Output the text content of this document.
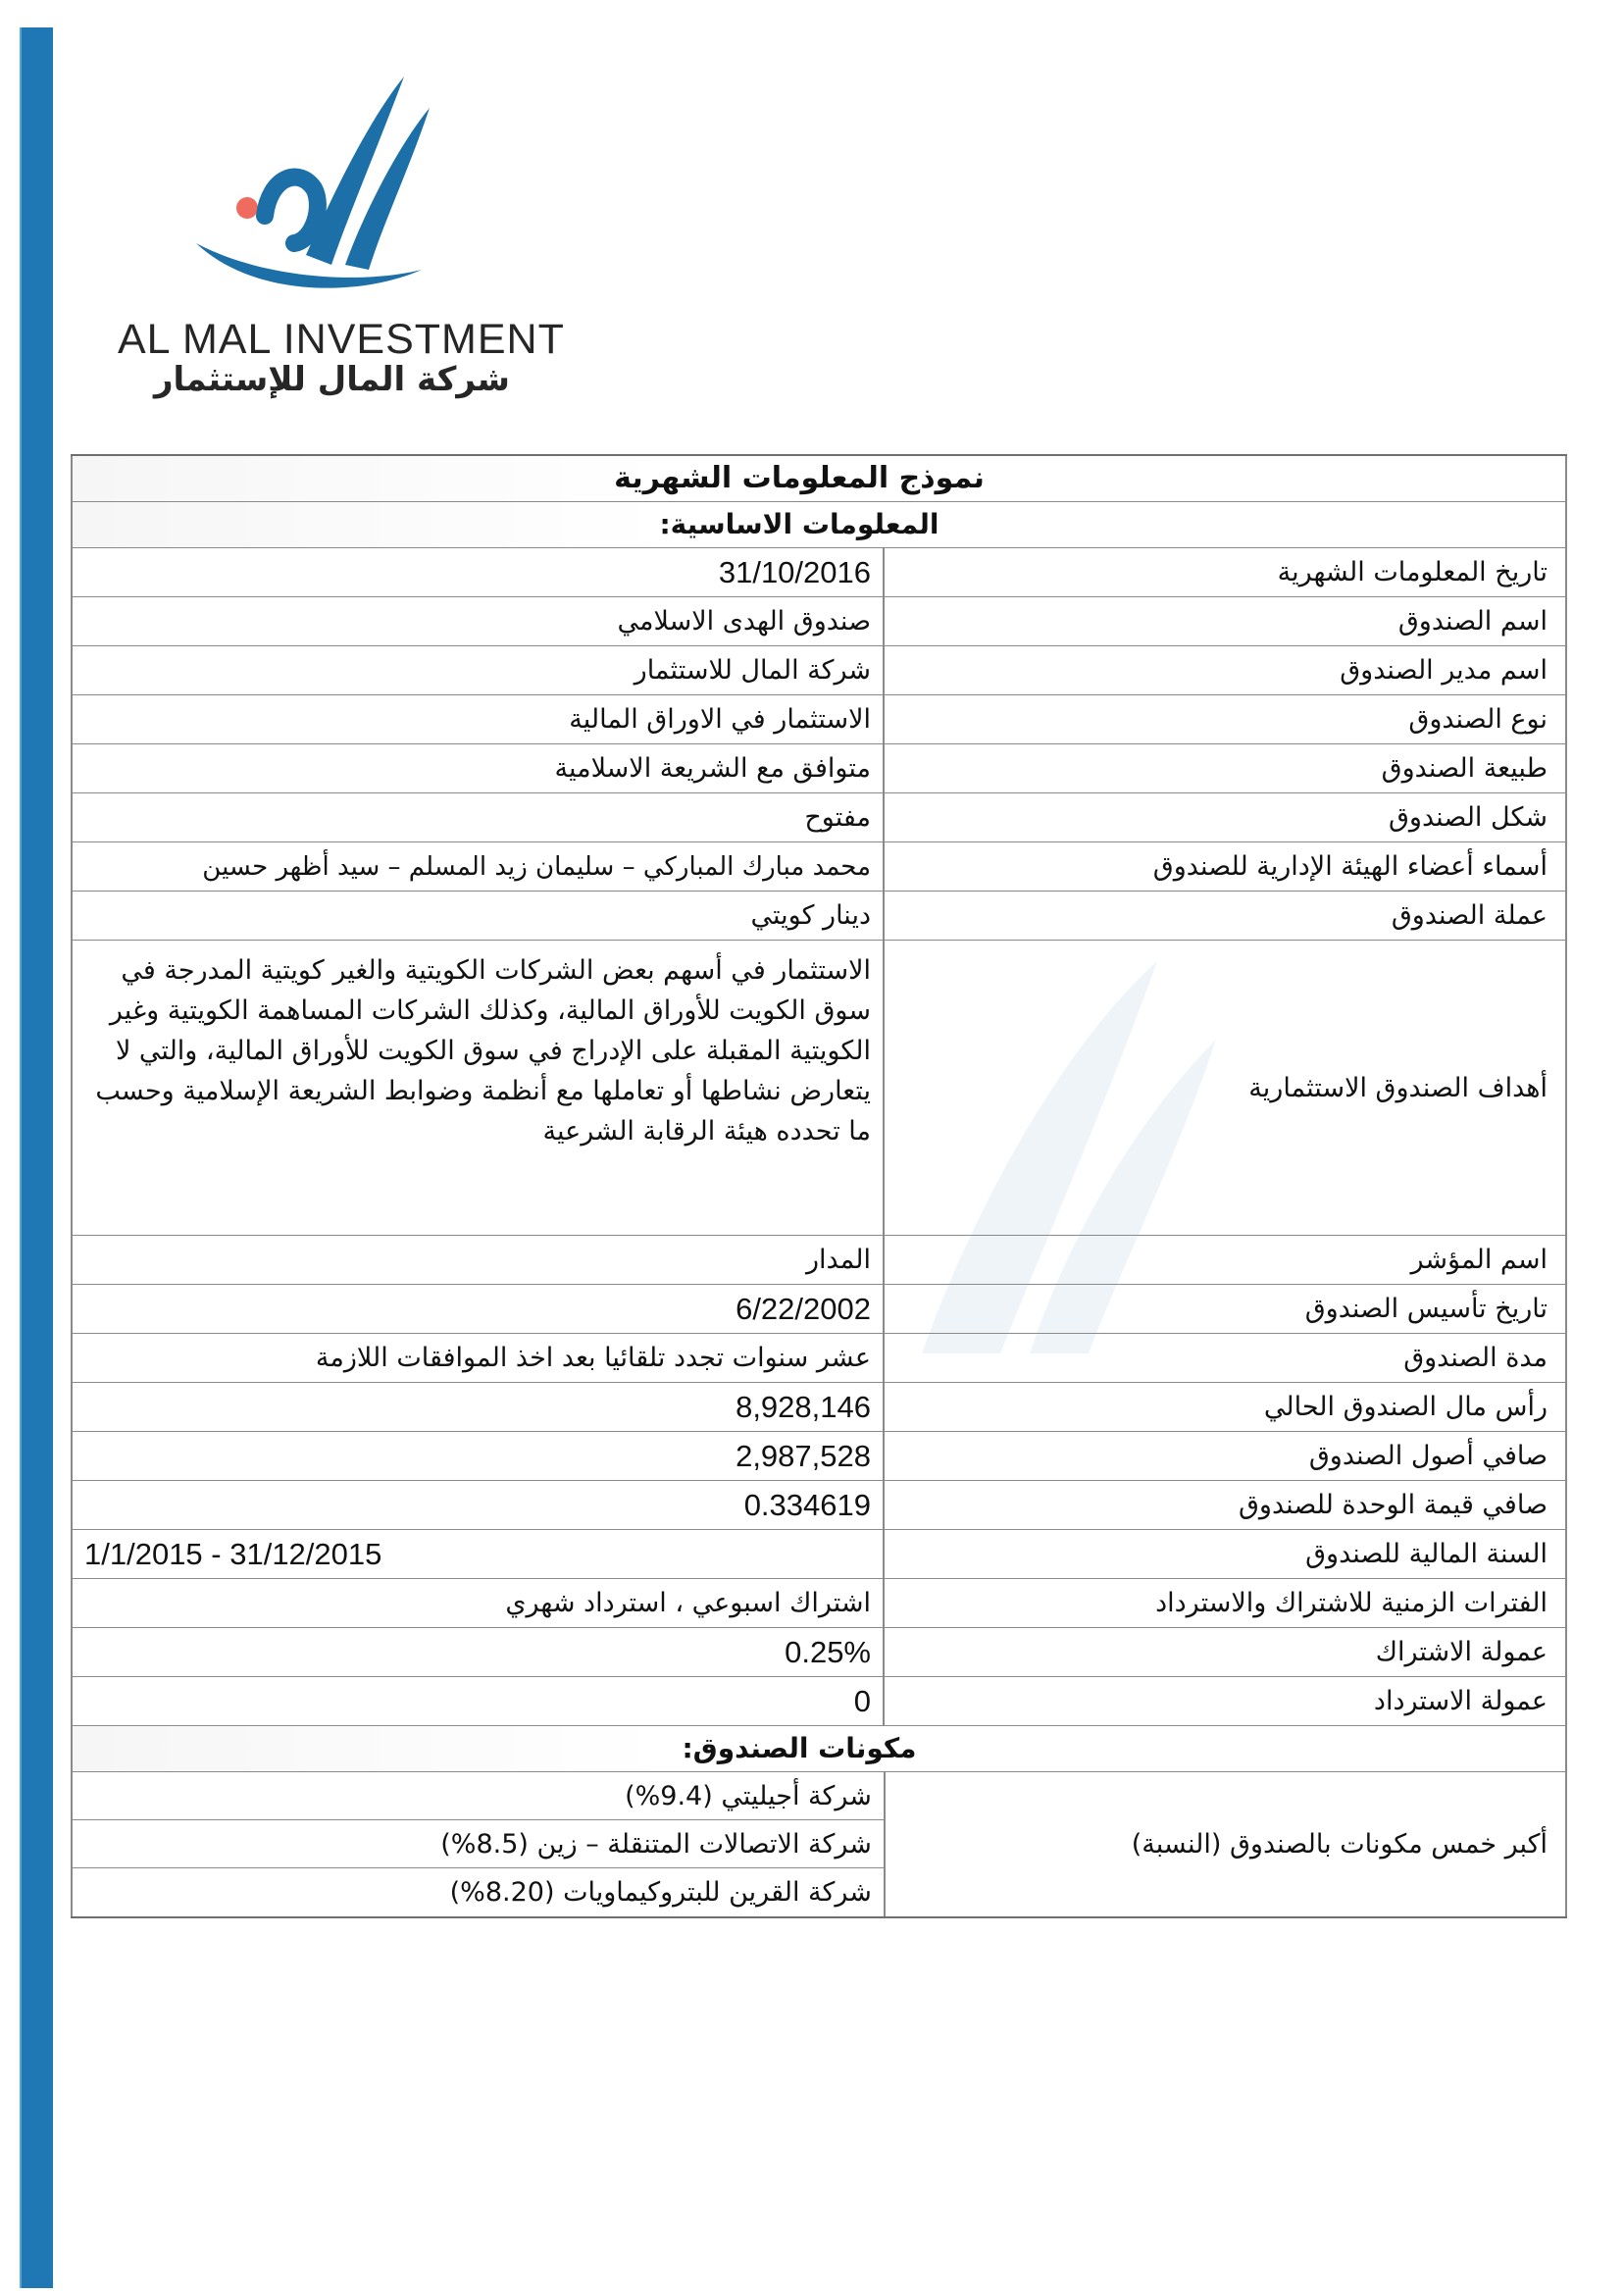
AL MAL INVESTMENT
شركة المال للإستثمار
نموذج المعلومات الشهرية
المعلومات الاساسية:
تاريخ المعلومات الشهرية
31/10/2016
اسم الصندوق
صندوق الهدى الاسلامي
اسم مدير الصندوق
شركة المال للاستثمار
نوع الصندوق
الاستثمار في الاوراق المالية
طبيعة الصندوق
متوافق مع الشريعة الاسلامية
شكل الصندوق
مفتوح
أسماء أعضاء الهيئة الإدارية للصندوق
محمد مبارك المباركي – سليمان زيد المسلم – سيد أظهر حسين
عملة الصندوق
دينار كويتي
أهداف الصندوق الاستثمارية
الاستثمار في أسهم بعض الشركات الكويتية والغير كويتية المدرجة في سوق الكويت للأوراق المالية، وكذلك الشركات المساهمة الكويتية وغير الكويتية المقبلة على الإدراج في سوق الكويت للأوراق المالية، والتي لا يتعارض نشاطها أو تعاملها مع أنظمة وضوابط الشريعة الإسلامية وحسب ما تحدده هيئة الرقابة الشرعية
اسم المؤشر
المدار
تاريخ تأسيس الصندوق
6/22/2002
مدة الصندوق
عشر سنوات تجدد تلقائيا بعد اخذ الموافقات اللازمة
رأس مال الصندوق الحالي
8,928,146
صافي أصول الصندوق
2,987,528
صافي قيمة الوحدة للصندوق
0.334619
السنة المالية للصندوق
1/1/2015 - 31/12/2015
الفترات الزمنية للاشتراك والاسترداد
اشتراك اسبوعي ، استرداد شهري
عمولة الاشتراك
0.25%
عمولة الاسترداد
0
مكونات الصندوق:
أكبر خمس مكونات بالصندوق (النسبة)
شركة أجيليتي (9.4%)
شركة الاتصالات المتنقلة – زين (8.5%)
شركة القرين للبتروكيماويات (8.20%)
